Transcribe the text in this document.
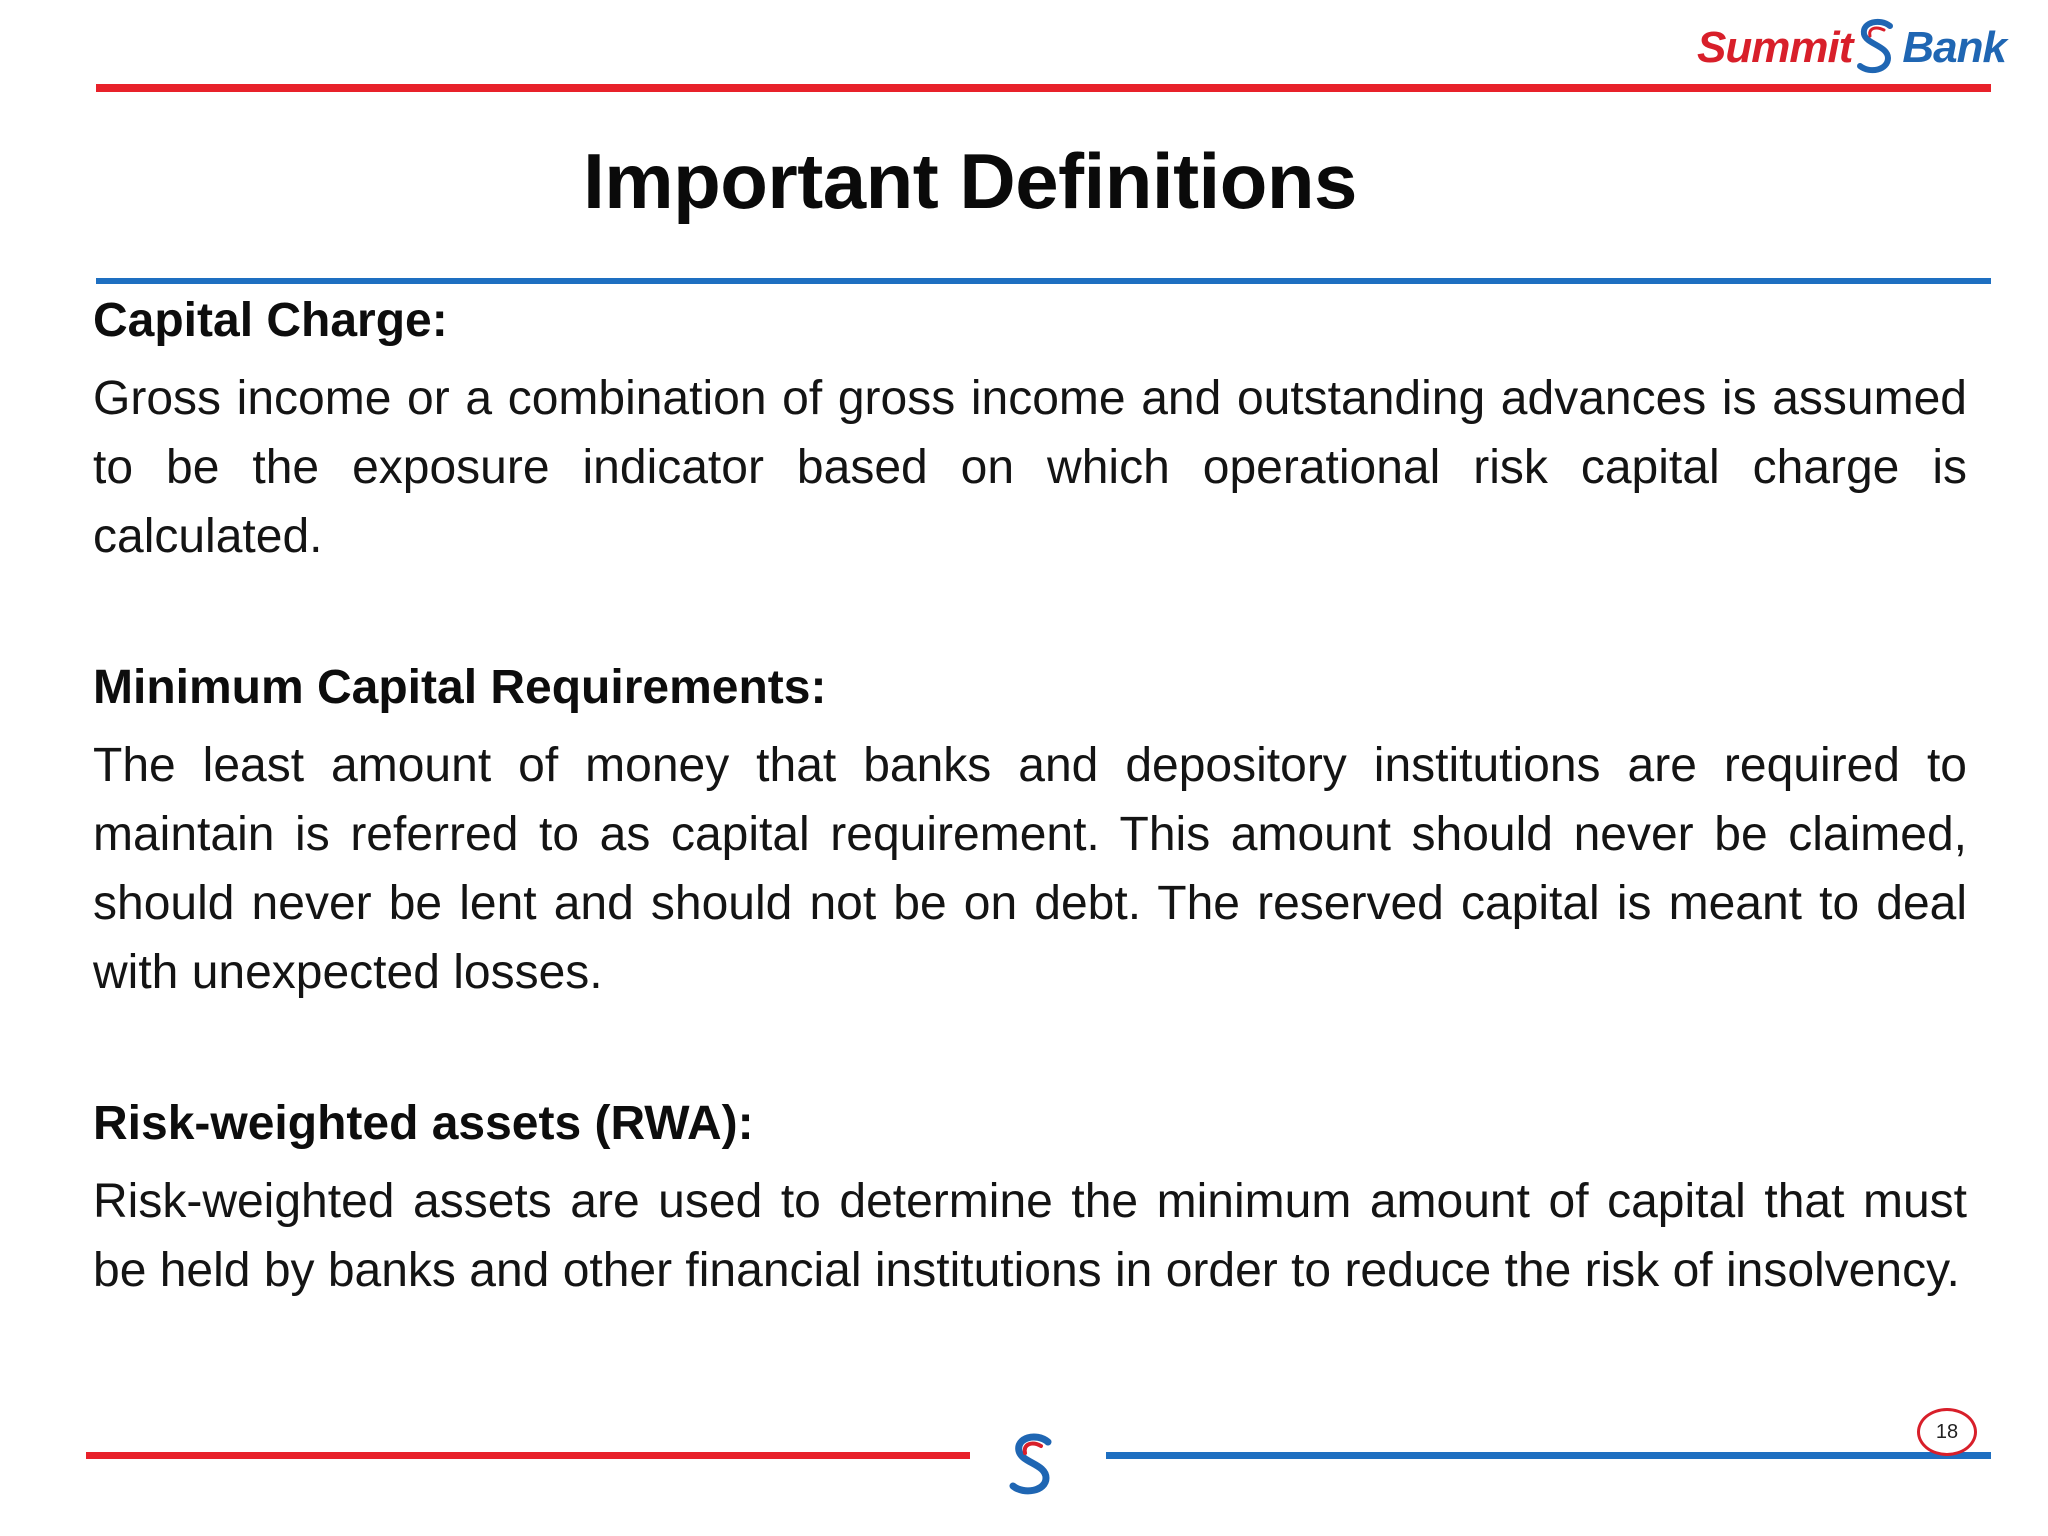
Summit Bank
Important Definitions

Capital Charge:

Gross income or a combination of gross income and outstanding advances is assumed to be the exposure indicator based on which operational risk capital charge is calculated.

Minimum Capital Requirements:

The least amount of money that banks and depository institutions are required to maintain is referred to as capital requirement. This amount should never be claimed, should never be lent and should not be on debt. The reserved capital is meant to deal with unexpected losses.

Risk-weighted assets (RWA):

Risk-weighted assets are used to determine the minimum amount of capital that must be held by banks and other financial institutions in order to reduce the risk of insolvency.

18
